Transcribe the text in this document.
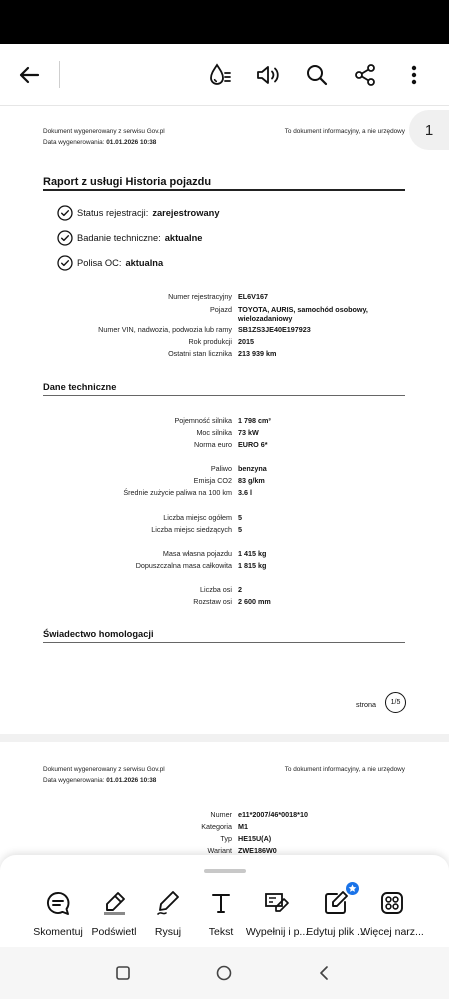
Dokument wygenerowany z serwisu Gov.pl
Data wygenerowania: 01.01.2026 10:38
To dokument informacyjny, a nie urzędowy
Raport z usługi Historia pojazdu
Status rejestracji: zarejestrowany
Badanie techniczne: aktualne
Polisa OC: aktualna
Numer rejestracyjny EL6V167
Pojazd TOYOTA, AURIS, samochód osobowy, wielozadaniowy
Numer VIN, nadwozia, podwozia lub ramy SB1ZS3JE40E197923
Rok produkcji 2015
Ostatni stan licznika 213 939 km
Dane techniczne
Pojemność silnika 1 798 cm³
Moc silnika 73 kW
Norma euro EURO 6*
Paliwo benzyna
Emisja CO2 83 g/km
Średnie zużycie paliwa na 100 km 3.6 l
Liczba miejsc ogółem 5
Liczba miejsc siedzących 5
Masa własna pojazdu 1 415 kg
Dopuszczalna masa całkowita 1 815 kg
Liczba osi 2
Rozstaw osi 2 600 mm
Świadectwo homologacji
strona	1/5
1
Dokument wygenerowany z serwisu Gov.pl
Data wygenerowania: 01.01.2026 10:38
To dokument informacyjny, a nie urzędowy
Numer e11*2007/46*0018*10
Kategoria M1
Typ HE15U(A)
Wariant ZWE186W0
Skomentuj Podświetl	Rysuj	Tekst	Wypełnij i p...
Edytuj plik ...
Więcej narz...
